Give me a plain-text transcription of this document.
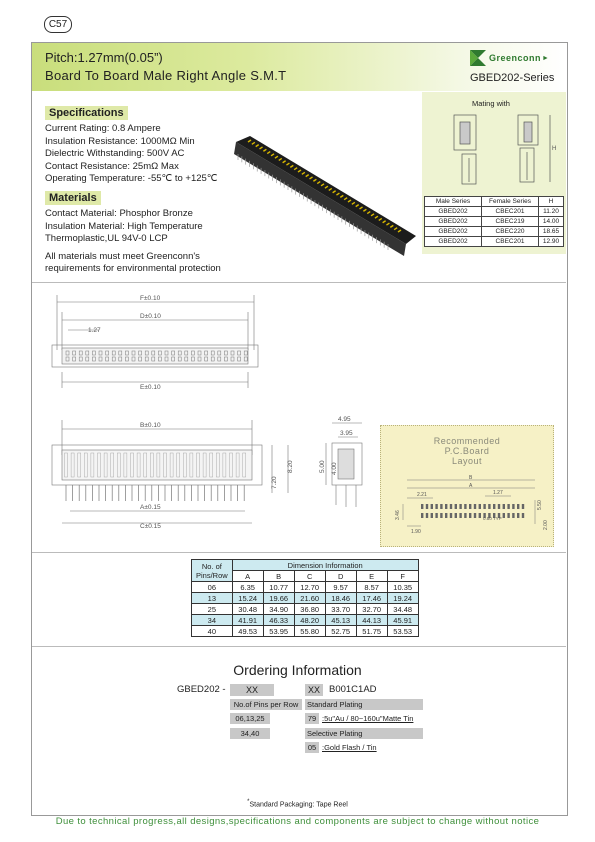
C57
Pitch:1.27mm(0.05”)
Board To Board Male Right Angle S.M.T
Greenconn ►
GBED202-Series
Specifications
Current Rating: 0.8 Ampere
Insulation Resistance: 1000MΩ Min
Dielectric Withstanding: 500V AC
Contact Resistance: 25mΩ Max
Operating Temperature: -55℃ to +125℃
Materials
Contact Material: Phosphor Bronze
Insulation Material: High Temperature
Thermoplastic,UL 94V-0 LCP
All materials must meet Greenconn's
requirements for environmental protection
Mating with
H
Male Series	Female Series	H
GBED202	CBEC201	11.20
GBED202	CBEC219	14.00
GBED202	CBEC220	18.65
GBED202	CBEC201	12.90
F±0.10
D±0.10
1.27
E±0.10
B±0.10
8.20
7.20
A±0.15
C±0.15
4.95
3.95
5.00 4.00
Recommended
P.C.Board
Layout
B
A
2.21	1.27
0.80 TYP
1.90
3.46
5.50
2.00
No. of
Pins/Row	Dimension Information					
	A	B	C	D	E	F
06	6.35	10.77	12.70	9.57	8.57	10.35
13	15.24	19.66	21.60	18.46	17.46	19.24
25	30.48	34.90	36.80	33.70	32.70	34.48
34	41.91	46.33	48.20	45.13	44.13	45.91
40	49.53	53.95	55.80	52.75	51.75	53.53
Ordering Information
GBED202 -	XX	XX B001C1AD
No.of Pins per Row
06,13,25
34,40
Standard Plating
79 :5u"Au / 80~160u"Matte Tin
Selective Plating
05 :Gold Flash / Tin
*Standard Packaging: Tape Reel
Due to technical progress,all designs,specifications and components are subject to change without notice
